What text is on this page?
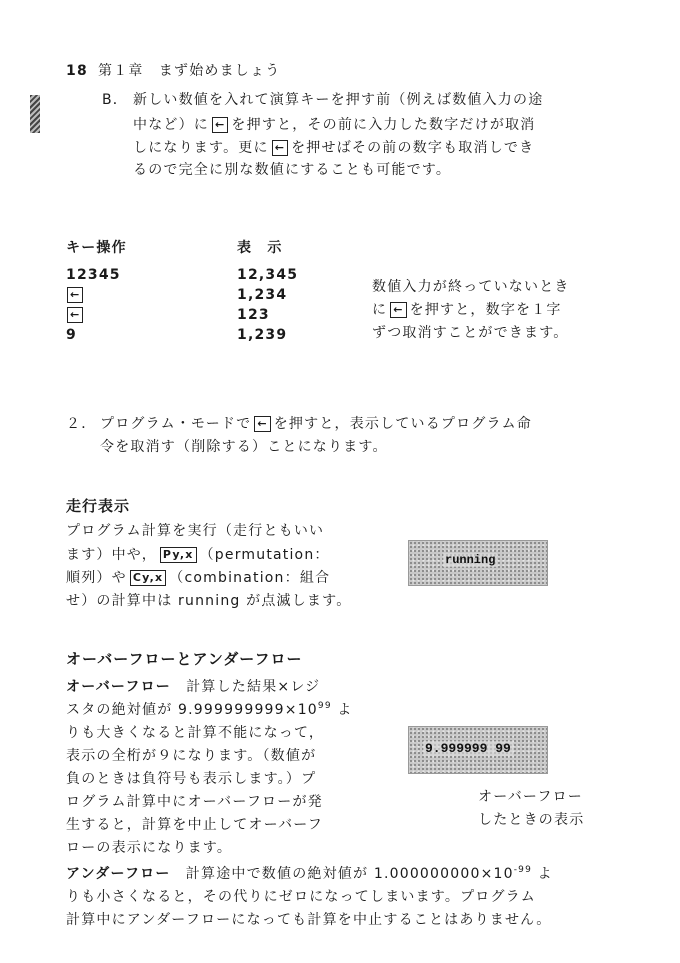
18 第１章　まず始めましょう
B． 新しい数値を入れて演算キーを押す前（例えば数値入力の途
中など）に ← を押すと，その前に入力した数字だけが取消
しになります。更に ← を押せばその前の数字も取消しでき
るので完全に別な数値にすることも可能です。
キー操作	表　示
12345	12,345
←	1,234
←	123
9	1,239
数値入力が終っていないとき
に ← を押すと，数字を１字
ずつ取消すことができます。
２． プログラム・モードで ← を押すと，表示しているプログラム命
令を取消す（削除する）ことになります。
走行表示
プログラム計算を実行（走行ともいい
ます）中や， Py,x （permutation：
順列）や Cy,x （combination：組合
せ）の計算中は running が点滅します。
running
オーバーフローとアンダーフロー
オーバーフロー　 計算した結果×レジ
スタの絶対値が $9.999999999\times 10^{99}$ よ
りも大きくなると計算不能になって，
表示の全桁が９になります。（数値が
負のときは負符号も表示します。）プ
ログラム計算中にオーバーフローが発
生すると，計算を中止してオーバーフ
ローの表示になります。
9.999999 99
オーバーフロー
したときの表示
アンダーフロー　 計算途中で数値の絶対値が $1.000000000\times 10^{-99}$ よ
りも小さくなると，その代りにゼロになってしまいます。プログラム
計算中にアンダーフローになっても計算を中止することはありません。
